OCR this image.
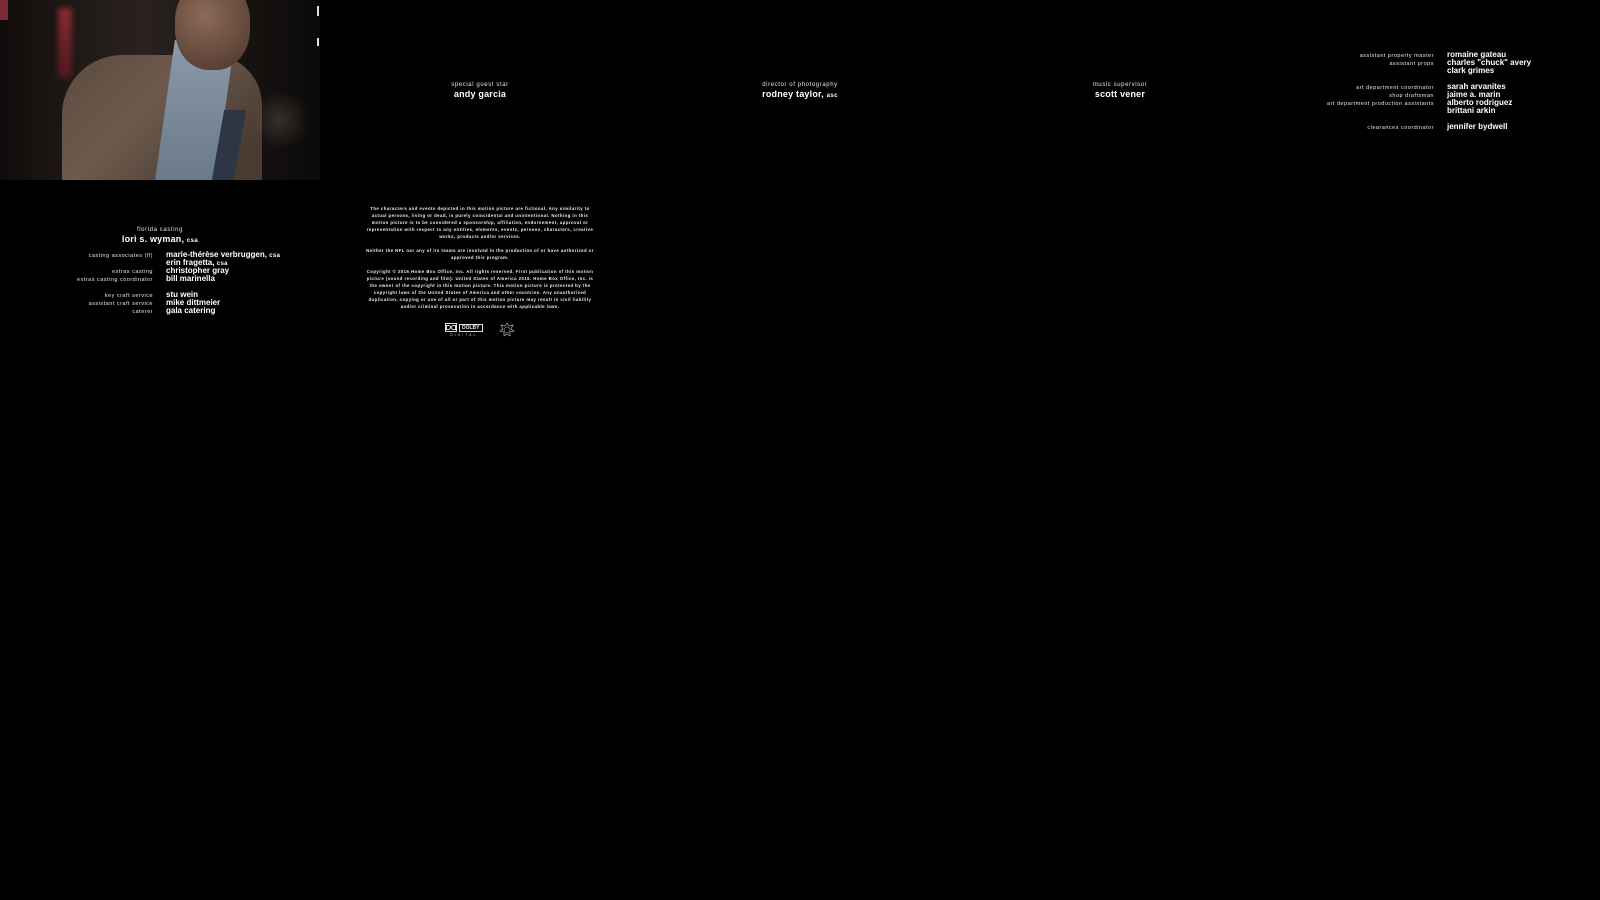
special guest star
andy garcia
director of photography
rodney taylor, asc
music supervisor
scott vener
assistant property master	romaine gateau
assistant props	charles "chuck" avery
clark grimes
art department coordinator	sarah arvanites
shop draftsman	jaime a. marin
art department production assistants	alberto rodriguez
brittani arkin
clearances coordinator	jennifer bydwell
florida casting
lori s. wyman, csa
casting associates (fl)	marie-thérèse verbruggen, csa
erin fragetta, csa
extras casting	christopher gray
extras casting coordinator	bill marinella
key craft service	stu wein
assistant craft service	mike dittmeier
caterer	gala catering

The characters and events depicted in this motion picture are fictional. Any similarity to actual persons, living or dead, is purely coincidental and unintentional. Nothing in this motion picture is to be considered a sponsorship, affiliation, endorsement, approval or representation with respect to any entities, elements, events, persons, characters, creative works, products and/or services.

Neither the NFL nor any of its teams are involved in the production of or have authorized or approved this program.

Copyright © 2016 Home Box Office, Inc. All rights reserved. First publication of this motion picture (sound recording and film): United States of America 2016. Home Box Office, Inc. is the owner of the copyright in this motion picture. This motion picture is protected by the copyright laws of the United States of America and other countries. Any unauthorized duplication, copying or use of all or part of this motion picture may result in civil liability and/or criminal prosecution in accordance with applicable laws.

DOLBY
DIGITAL
